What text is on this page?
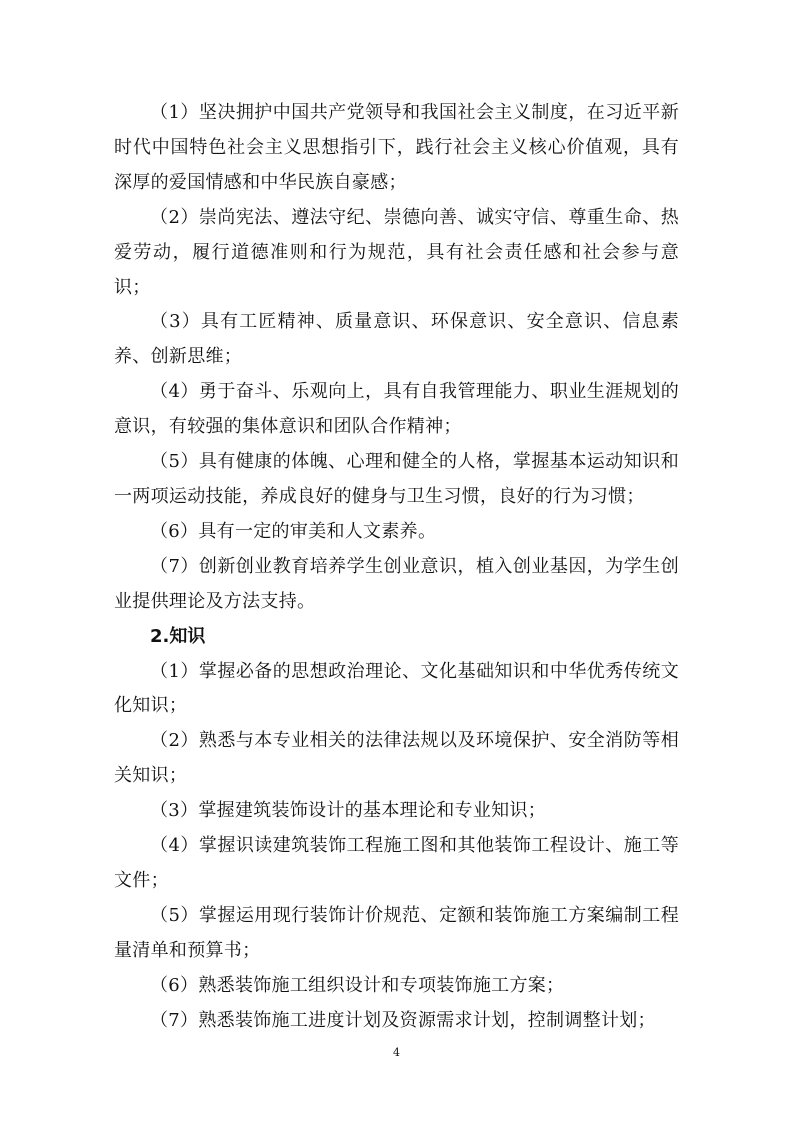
（1）坚决拥护中国共产党领导和我国社会主义制度，在习近平新时代中国特色社会主义思想指引下，践行社会主义核心价值观，具有深厚的爱国情感和中华民族自豪感；

（2）崇尚宪法、遵法守纪、崇德向善、诚实守信、尊重生命、热爱劳动，履行道德准则和行为规范，具有社会责任感和社会参与意识；

（3）具有工匠精神、质量意识、环保意识、安全意识、信息素养、创新思维；

（4）勇于奋斗、乐观向上，具有自我管理能力、职业生涯规划的意识，有较强的集体意识和团队合作精神；

（5）具有健康的体魄、心理和健全的人格，掌握基本运动知识和一两项运动技能，养成良好的健身与卫生习惯，良好的行为习惯；

（6）具有一定的审美和人文素养。

（7）创新创业教育培养学生创业意识，植入创业基因，为学生创业提供理论及方法支持。

2.知识

（1）掌握必备的思想政治理论、文化基础知识和中华优秀传统文化知识；

（2）熟悉与本专业相关的法律法规以及环境保护、安全消防等相关知识；

（3）掌握建筑装饰设计的基本理论和专业知识；

（4）掌握识读建筑装饰工程施工图和其他装饰工程设计、施工等文件；

（5）掌握运用现行装饰计价规范、定额和装饰施工方案编制工程量清单和预算书；

（6）熟悉装饰施工组织设计和专项装饰施工方案；

（7）熟悉装饰施工进度计划及资源需求计划，控制调整计划；

4
